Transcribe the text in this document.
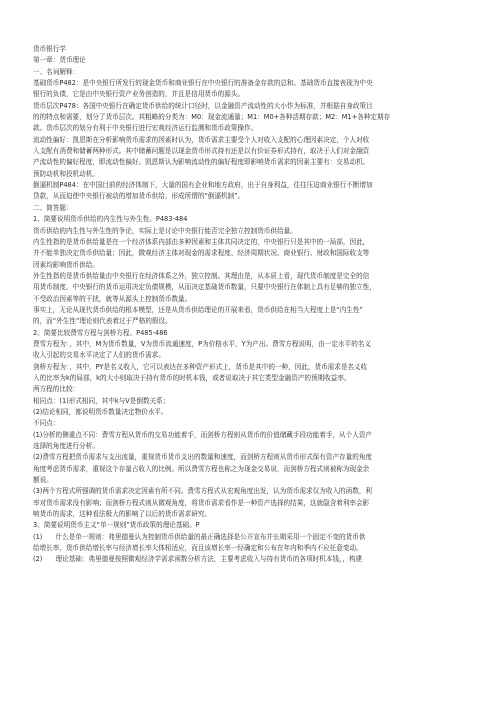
货币银行学
第一章：货币理论
一、名词解释：
基础货币P482：是中央银行所发行的现金货币和商业银行在中央银行的准备金存款的总和。基础货币直接表现为中央
银行的负债，它是由中央银行资产业务创造的，并且是信用货币的源头。
货币层次P478：各国中央银行在确定货币供给的统计口径时，以金融资产流动性的大小作为标准，并根据自身政策目
的的特点和需要，划分了货币层次。其粗略的分类为：M0：现金流通量；M1：M0+各种活期存款；M2：M1+各种定期存
款。货币层次的划分有利于中央银行进行宏观经济运行监测和货币政策操作。
流动性偏好：凯恩斯在分析影响货币需求的因素时认为，货币需求主要受个人对收入支配的心理因素决定，个人对收
入支配有消费和储蓄两种形式。其中储蓄问题是以现金货币形式持有还是以有价证券形式持有，取决于人们对金融资
产流动性的偏好程度，即流动性偏好。凯恩斯认为影响流动性的偏好程度即影响货币需求的因素主要有：交易动机、
预防动机和投机动机。
倒逼机制P484：在中国目前的经济体制下，大量的国有企业和地方政府，出于自身利益，往往压迫商业银行不断增加
贷款，从而迫使中央银行被动的增加货币供给，形成所谓的“倒逼机制”。
二、简答题：
1、简要说明货币供给的内生性与外生性。P483-484
货币供给的内生性与外生性的争论，实际上是讨论中央银行能否完全独立控制货币供给量。
内生性指的是货币供给量是在一个经济体系内部由多种因素和主体共同决定的，中央银行只是其中的一局部，因此，
并不能单独决定货币供给量；因此，微观经济主体对现金的需求程度、经济周期状况、商业银行、财政和国际收支等
因素均影响货币供给。
外生性指的是货币供给量由中央银行在经济体系之外，独立控制。其理由是，从本质上看，现代货币制度是完全的信
用货币制度，中央银行的货币运用决定负债规模，从而决定基础货币数量，只要中央银行在体制上具有足够的独立性，
不受政治因素等的干扰，就等从源头上控制货币数量。
事实上，无论从现代货币供给的根本模型，还是从货币供给理论的开展来看，货币供给在相当大程度上是“内生性”
的，而“外生性”理论则代表着过于严格的假设。
2、简要比较费雪方程与剑桥方程。P485-486
费雪方程为：，其中，M为货币数量，V为货币流通速度，P为价格水平，Y为产出。费雪方程说明，由一定水平的名义
收入引起的交易水平决定了人们的货币需求。
剑桥方程为：，其中，PY是名义收入，它可以表达在多种资产形式上，货币是其中的一种，因此，货币需求是名义收
入的比率为k的局部，k的大小则取决于持有货币的时机本钱，或者说取决于其它类型金融资产的预期收益率。
两方程的比较：
相同点：(1)形式相同，其中k与V是倒数关系；
(2)结论相同，都说明货币数量决定物价水平。
不同点：
(1)分析的侧重点不同：费雪方程从货币的交易功能着手，而剑桥方程则从货币的价值储藏手段功能着手，从个人资产
选择的角度进行分析。
(2)费雪方程把货币需求与支出流量，重视货币货币支出的数量和速度，而剑桥方程则从货币形式保有资产存量的角度
角度考虑货币需求，重视这个存量占收入的比例。所以费雪方程也称之为现金交易说，而剑桥方程式则被称为现金余
额说。
(3)两个方程式所强调的货币需求决定因素有所不同。费雪方程式从宏观角度出发，认为货币需求仅为收入的函数，利
率对货币需求没有影响；而剑桥方程式则从微观角度，将货币需求看作是一种资产选择的结果，这就隐含着利率会影
响货币的需求，这种看法极大的影响了以后的货币需求研究。
3、简要说明货币主义“单一规则”货币政策的理论基础。P
(1)　　什么是单一规则：弗里德曼认为控制货币供给量的最正确选择是公开宣布并长期采用一个固定不变的货币供
给增长率，货币供给增长率与经济增长率大体相适应，而且该增长率一经确定和公布在年内和季内不应任意变动。
(2)　　理论基础：弗里德曼按照微观经济学需求函数分析方法，主要考虑收入与持有货币的各项时机本钱，，构建
